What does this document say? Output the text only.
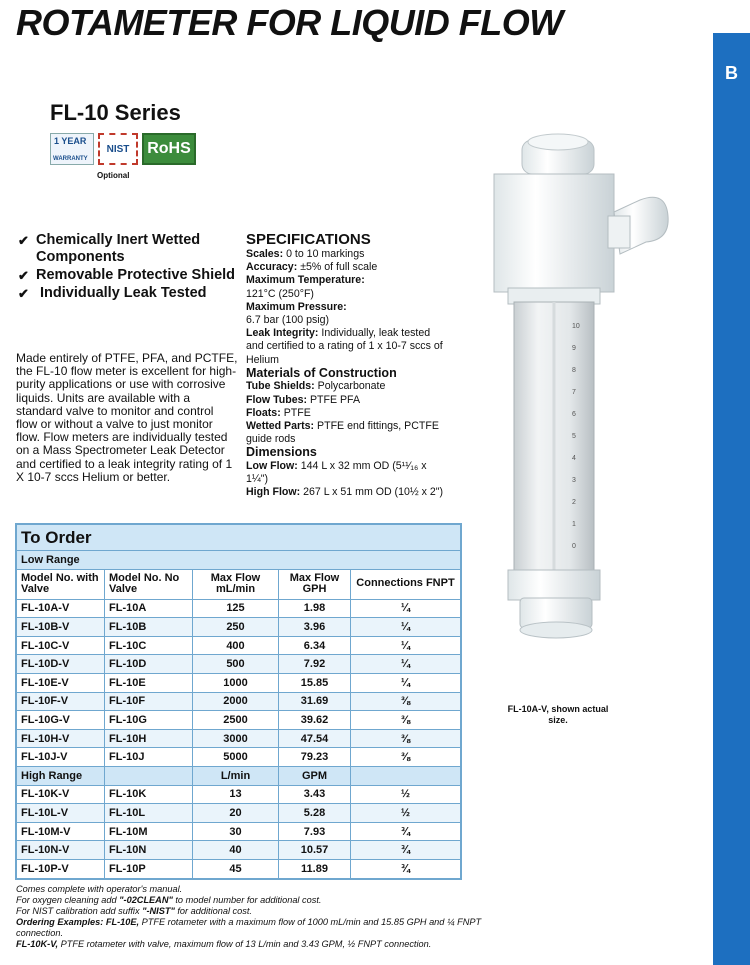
ROTAMETER FOR LIQUID FLOW
B
FL-10 Series
1 YEAR
WARRANTY
NIST RoHS
Optional
✔ Chemically Inert Wetted Components
✔ Removable Protective Shield
✔ Individually Leak Tested
Made entirely of PTFE, PFA, and PCTFE, the FL-10 flow meter is excellent for high-purity applications or use with corrosive liquids. Units are available with a standard valve to monitor and control flow or without a valve to just monitor flow. Flow meters are individually tested on a Mass Spectrometer Leak Detector and certified to a leak integrity rating of 1 X 10-7 sccs Helium or better.
SPECIFICATIONS
Scales: 0 to 10 markings
Accuracy: ±5% of full scale
Maximum Temperature:
121°C (250°F)
Maximum Pressure:
6.7 bar (100 psig)
Leak Integrity: Individually, leak tested and certified to a rating of 1 x 10-7 sccs of Helium
Materials of Construction
Tube Shields: Polycarbonate
Flow Tubes: PTFE PFA
Floats: PTFE
Wetted Parts: PTFE end fittings, PCTFE guide rods
Dimensions
Low Flow: 144 L x 32 mm OD (5¹¹⁄₁₆ x 1¼")
High Flow: 267 L x 51 mm OD (10½ x 2")
To Order				
Low Range				
Model No. with Valve	Model No. No Valve	Max Flow mL/min	Max Flow GPH	Connections FNPT
FL-10A-V	FL-10A	125	1.98	¼
FL-10B-V	FL-10B	250	3.96	¼
FL-10C-V	FL-10C	400	6.34	¼
FL-10D-V	FL-10D	500	7.92	¼
FL-10E-V	FL-10E	1000	15.85	¼
FL-10F-V	FL-10F	2000	31.69	⅜
FL-10G-V	FL-10G	2500	39.62	⅜
FL-10H-V	FL-10H	3000	47.54	⅜
FL-10J-V	FL-10J	5000	79.23	⅜
High Range		L/min	GPM	
FL-10K-V	FL-10K	13	3.43	½
FL-10L-V	FL-10L	20	5.28	½
FL-10M-V	FL-10M	30	7.93	¾
FL-10N-V	FL-10N	40	10.57	¾
FL-10P-V	FL-10P	45	11.89	¾
Comes complete with operator's manual.
For oxygen cleaning add "-02CLEAN" to model number for additional cost.
For NIST calibration add suffix "-NIST" for additional cost.
Ordering Examples: FL-10E, PTFE rotameter with a maximum flow of 1000 mL/min and 15.85 GPH and ¼ FNPT connection.
FL-10K-V, PTFE rotameter with valve, maximum flow of 13 L/min and 3.43 GPM, ½ FNPT connection.
10
9
8
7
6
5
4
3
2
1
0
FL-10A-V, shown actual size.
